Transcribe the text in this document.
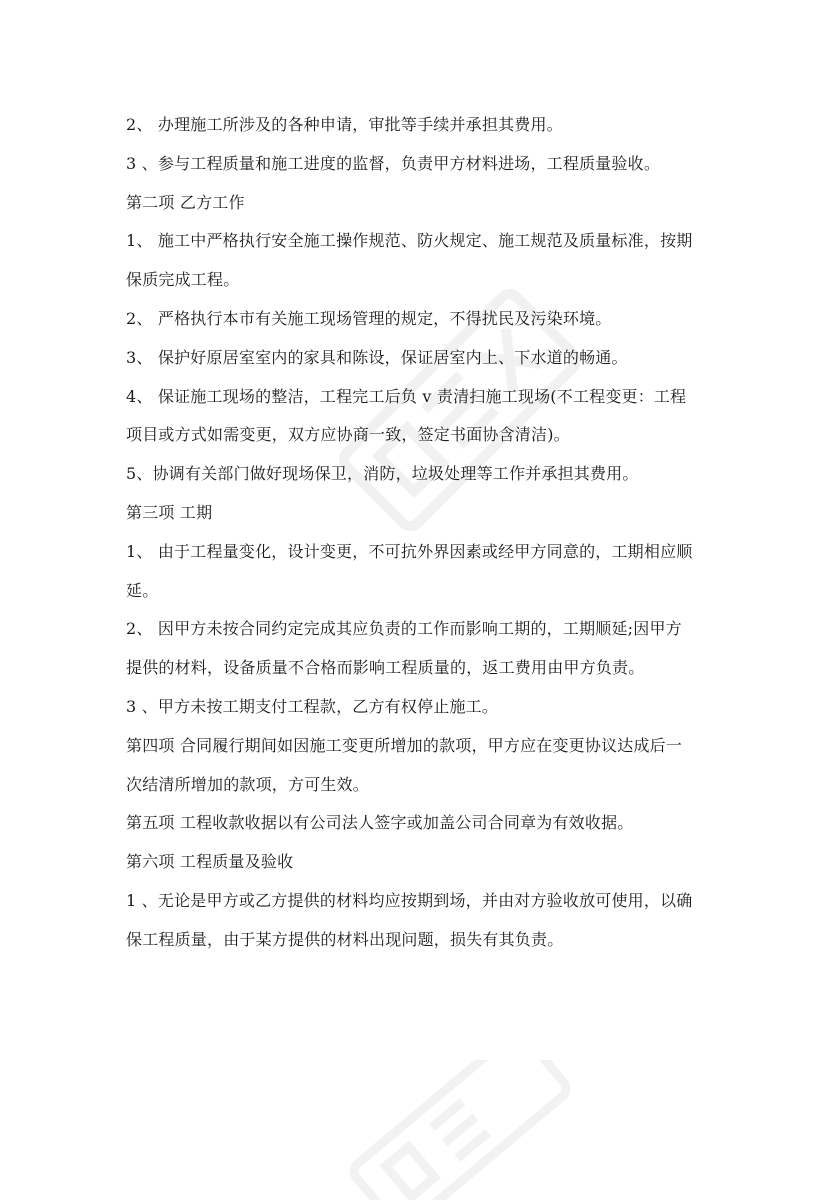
2、 办理施工所涉及的各种申请，审批等手续并承担其费用。
3 、参与工程质量和施工进度的监督，负责甲方材料进场，工程质量验收。
第二项 乙方工作
1、 施工中严格执行安全施工操作规范、防火规定、施工规范及质量标准，按期
保质完成工程。
2、 严格执行本市有关施工现场管理的规定，不得扰民及污染环境。
3、 保护好原居室室内的家具和陈设，保证居室内上、下水道的畅通。
4、 保证施工现场的整洁，工程完工后负 v 责清扫施工现场(不工程变更：工程
项目或方式如需变更，双方应协商一致，签定书面协含清洁)。
5、协调有关部门做好现场保卫，消防，垃圾处理等工作并承担其费用。
第三项 工期
1、 由于工程量变化，设计变更，不可抗外界因素或经甲方同意的，工期相应顺
延。
2、 因甲方未按合同约定完成其应负责的工作而影响工期的，工期顺延;因甲方
提供的材料，设备质量不合格而影响工程质量的，返工费用由甲方负责。
3 、甲方未按工期支付工程款，乙方有权停止施工。
第四项 合同履行期间如因施工变更所增加的款项，甲方应在变更协议达成后一
次结清所增加的款项，方可生效。
第五项 工程收款收据以有公司法人签字或加盖公司合同章为有效收据。
第六项 工程质量及验收
1 、无论是甲方或乙方提供的材料均应按期到场，并由对方验收放可使用，以确
保工程质量，由于某方提供的材料出现问题，损失有其负责。
